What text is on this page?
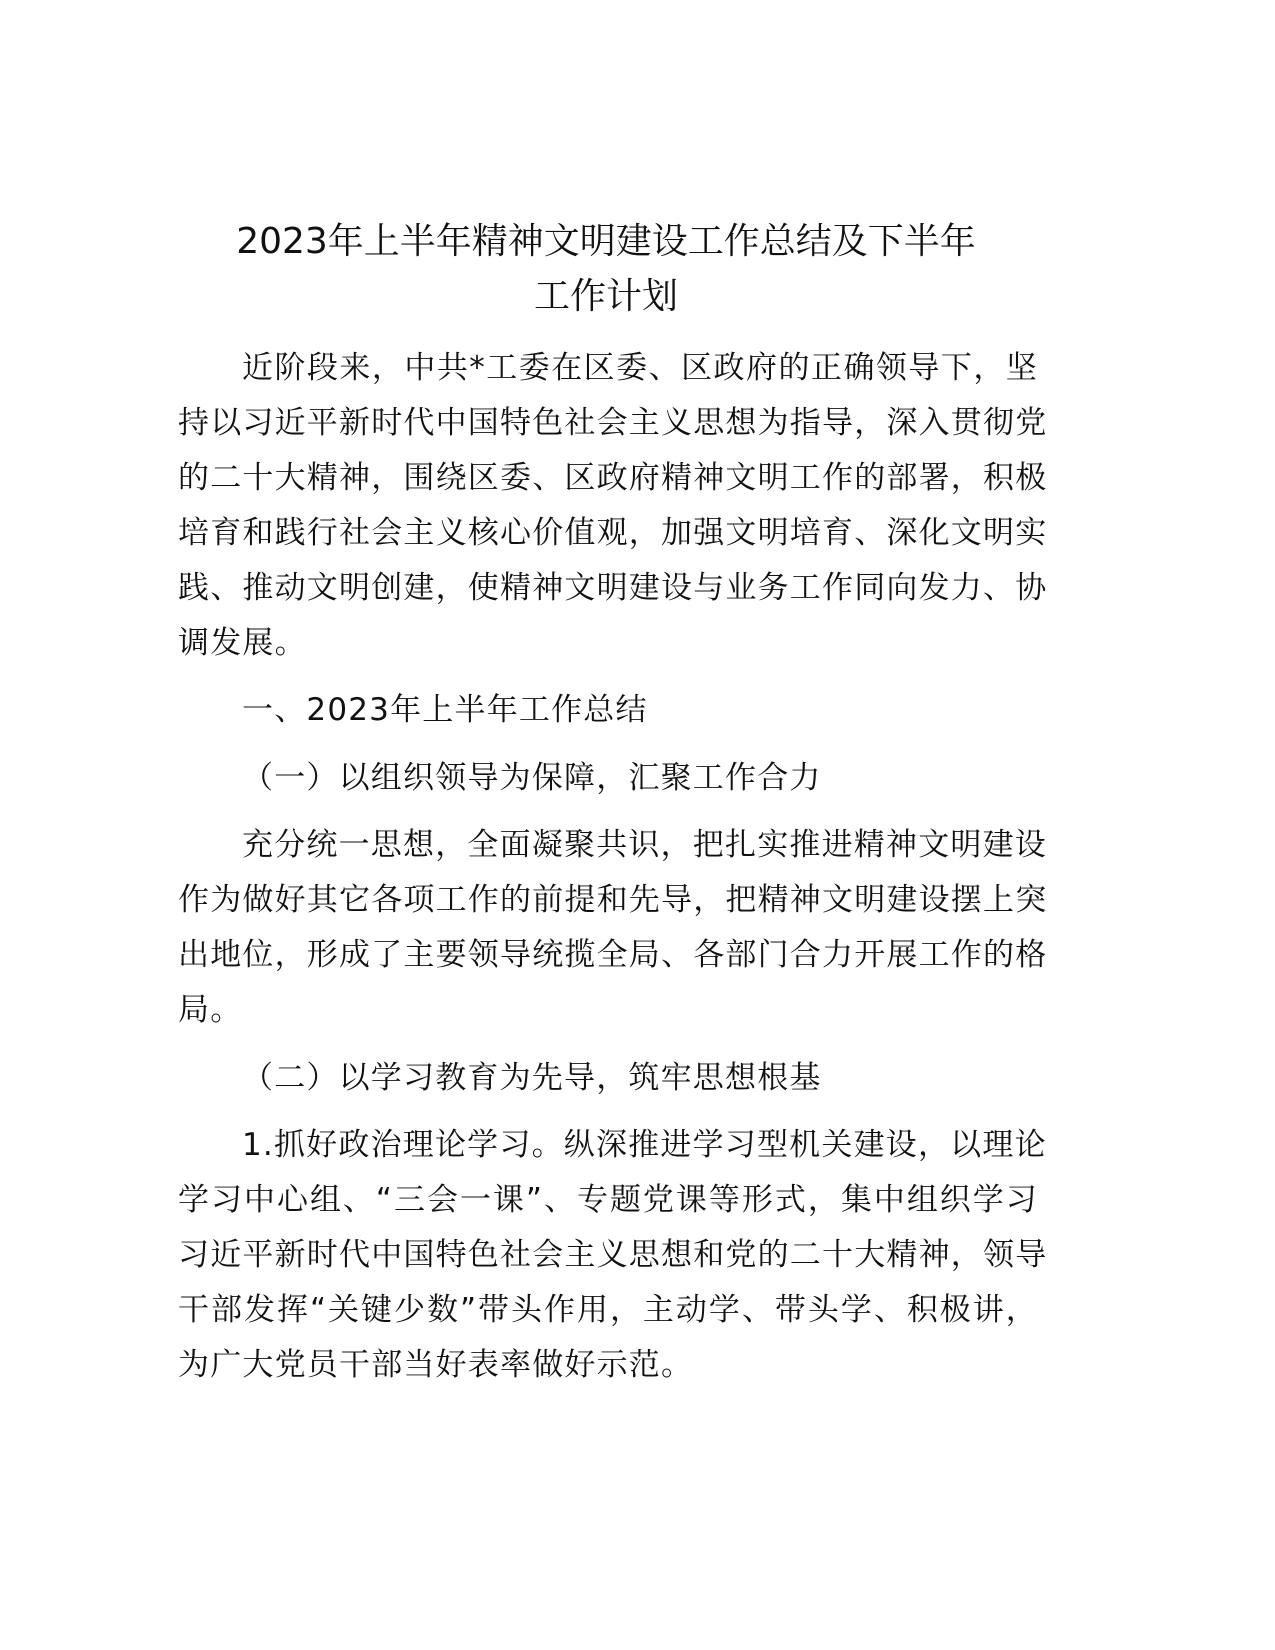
2023年上半年精神文明建设工作总结及下半年
工作计划
近阶段来，中共*工委在区委、区政府的正确领导下，坚
持以习近平新时代中国特色社会主义思想为指导，深入贯彻党
的二十大精神，围绕区委、区政府精神文明工作的部署，积极
培育和践行社会主义核心价值观，加强文明培育、深化文明实
践、推动文明创建，使精神文明建设与业务工作同向发力、协
调发展。
一、2023年上半年工作总结
（一）以组织领导为保障，汇聚工作合力
充分统一思想，全面凝聚共识，把扎实推进精神文明建设
作为做好其它各项工作的前提和先导，把精神文明建设摆上突
出地位，形成了主要领导统揽全局、各部门合力开展工作的格
局。
（二）以学习教育为先导，筑牢思想根基
1.抓好政治理论学习。纵深推进学习型机关建设，以理论
学习中心组、“三会一课”、专题党课等形式，集中组织学习
习近平新时代中国特色社会主义思想和党的二十大精神，领导
干部发挥“关键少数”带头作用，主动学、带头学、积极讲，
为广大党员干部当好表率做好示范。
